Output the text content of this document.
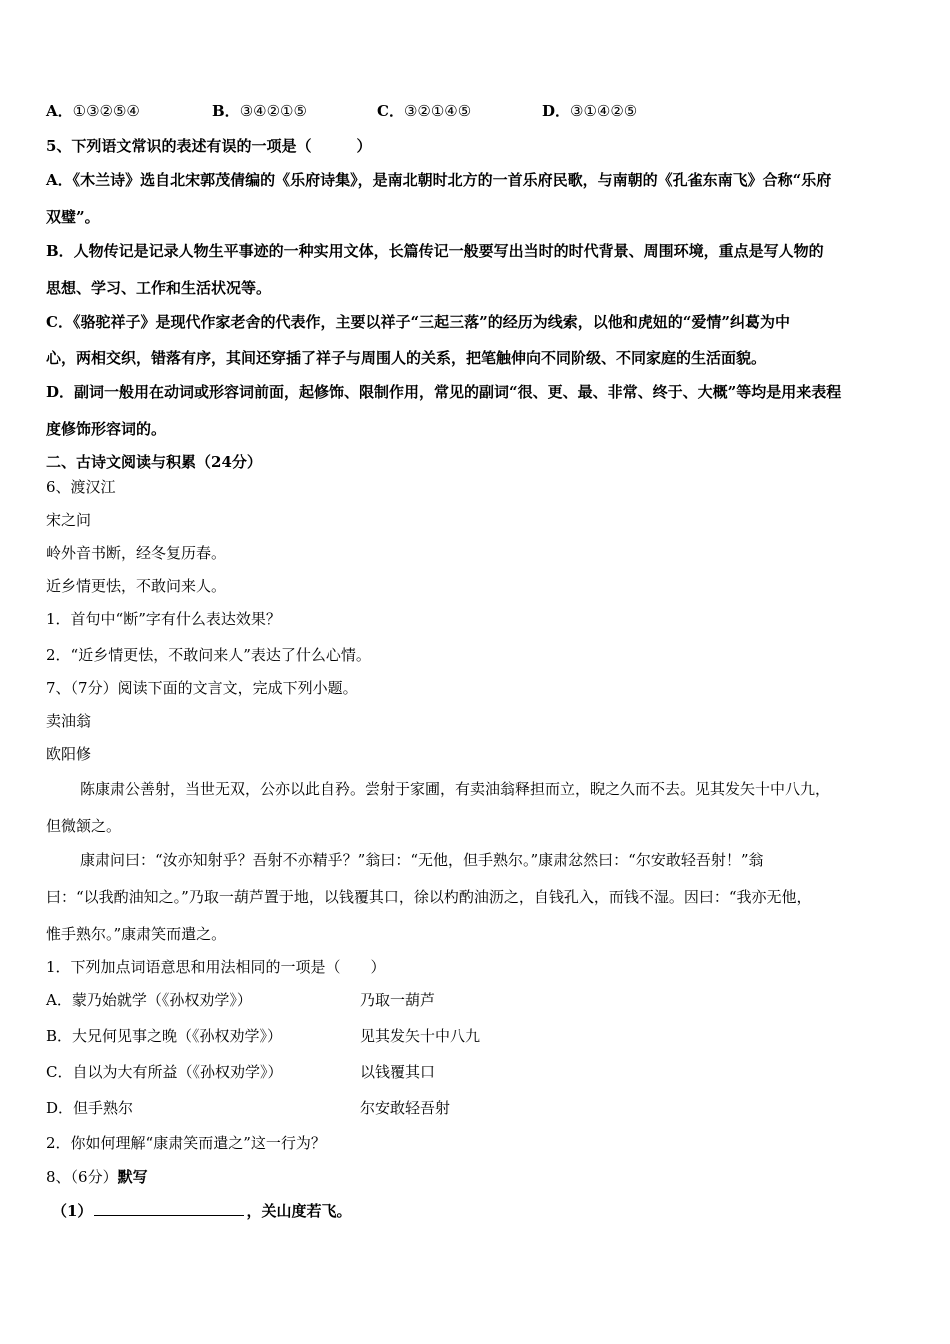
A．①③②⑤④	B．③④②①⑤	C．③②①④⑤	D．③①④②⑤
5、下列语文常识的表述有误的一项是（　　　）
A．《木兰诗》选自北宋郭茂倩编的《乐府诗集》，是南北朝时北方的一首乐府民歌，与南朝的《孔雀东南飞》合称“乐府
双璧”。
B．人物传记是记录人物生平事迹的一种实用文体，长篇传记一般要写出当时的时代背景、周围环境，重点是写人物的
思想、学习、工作和生活状况等。
C．《骆驼祥子》是现代作家老舍的代表作，主要以祥子“三起三落”的经历为线索，以他和虎妞的“爱情”纠葛为中
心，两相交织，错落有序，其间还穿插了祥子与周围人的关系，把笔触伸向不同阶级、不同家庭的生活面貌。
D．副词一般用在动词或形容词前面，起修饰、限制作用，常见的副词“很、更、最、非常、终于、大概”等均是用来表程
度修饰形容词的。
二、古诗文阅读与积累（24分）
6、渡汉江
宋之问
岭外音书断，经冬复历春。
近乡情更怯，不敢问来人。
1．首句中“断”字有什么表达效果？
2．“近乡情更怯，不敢问来人”表达了什么心情。
7、（7分）阅读下面的文言文，完成下列小题。
卖油翁
欧阳修
陈康肃公善射，当世无双，公亦以此自矜。尝射于家圃，有卖油翁释担而立，睨之久而不去。见其发矢十中八九，
但微颔之。
康肃问曰：“汝亦知射乎？吾射不亦精乎？”翁曰：“无他，但手熟尔。”康肃忿然曰：“尔安敢轻吾射！”翁
曰：“以我酌油知之。”乃取一葫芦置于地，以钱覆其口，徐以杓酌油沥之，自钱孔入，而钱不湿。因曰：“我亦无他，
惟手熟尔。”康肃笑而遣之。
1．下列加点词语意思和用法相同的一项是（　　）
A．蒙乃始就学（《孙权劝学》）	乃取一葫芦
B．大兄何见事之晚（《孙权劝学》）	见其发矢十中八九
C．自以为大有所益（《孙权劝学》）	以钱覆其口
D．但手熟尔	尔安敢轻吾射
2．你如何理解“康肃笑而遣之”这一行为？
8、（6分）默写
（1）	，关山度若飞。
